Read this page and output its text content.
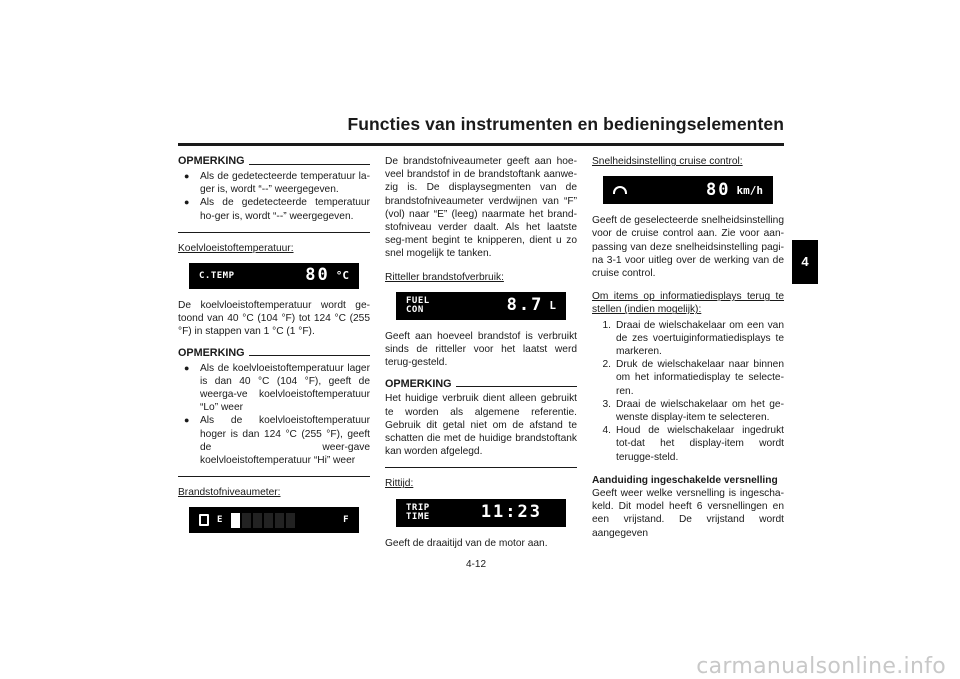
Functies van instrumenten en bedieningselementen
4
OPMERKING
●	Als de gedetecteerde temperatuur la-ger is, wordt “--” weergegeven.
●	Als de gedetecteerde temperatuur ho-ger is, wordt “--” weergegeven.

Koelvloeistoftemperatuur:

C.TEMP	80 °C

De koelvloeistoftemperatuur wordt ge-toond van 40 °C (104 °F) tot 124 °C (255 °F) in stappen van 1 °C (1 °F).

OPMERKING
●	Als de koelvloeistoftemperatuur lager is dan 40 °C (104 °F), geeft de weerga-ve koelvloeistoftemperatuur “Lo” weer
●	Als de koelvloeistoftemperatuur hoger is dan 124 °C (255 °F), geeft de weer-gave koelvloeistoftemperatuur “Hi” weer

Brandstofniveaumeter:

E	F

De brandstofniveaumeter geeft aan hoe-veel brandstof in de brandstoftank aanwe-zig is. De displaysegmenten van de brandstofniveaumeter verdwijnen van “F” (vol) naar “E” (leeg) naarmate het brand-stofniveau verder daalt. Als het laatste seg-ment begint te knipperen, dient u zo snel mogelijk te tanken.

Ritteller brandstofverbruik:

FUEL
CON	8.7 L

Geeft aan hoeveel brandstof is verbruikt sinds de ritteller voor het laatst werd terug-gesteld.

OPMERKING

Het huidige verbruik dient alleen gebruikt te worden als algemene referentie. Gebruik dit getal niet om de afstand te schatten die met de huidige brandstoftank kan worden afgelegd.

Rittijd:

TRIP
TIME	11:23

Geeft de draaitijd van de motor aan.

Snelheidsinstelling cruise control:

80 km/h

Geeft de geselecteerde snelheidsinstelling voor de cruise control aan. Zie voor aan-passing van deze snelheidsinstelling pagi-na 3-1 voor uitleg over de werking van de cruise control.

Om items op informatiedisplays terug te stellen (indien mogelijk):

1. Draai de wielschakelaar om een van de zes voertuiginformatiedisplays te markeren.
2. Druk de wielschakelaar naar binnen om het informatiedisplay te selecte-ren.
3. Draai de wielschakelaar om het ge-wenste display-item te selecteren.
4. Houd de wielschakelaar ingedrukt tot-dat het display-item wordt terugge-steld.

Aanduiding ingeschakelde versnelling

Geeft weer welke versnelling is ingescha-keld. Dit model heeft 6 versnellingen en een vrijstand. De vrijstand wordt aangegeven

4-12
carmanualsonline.info
